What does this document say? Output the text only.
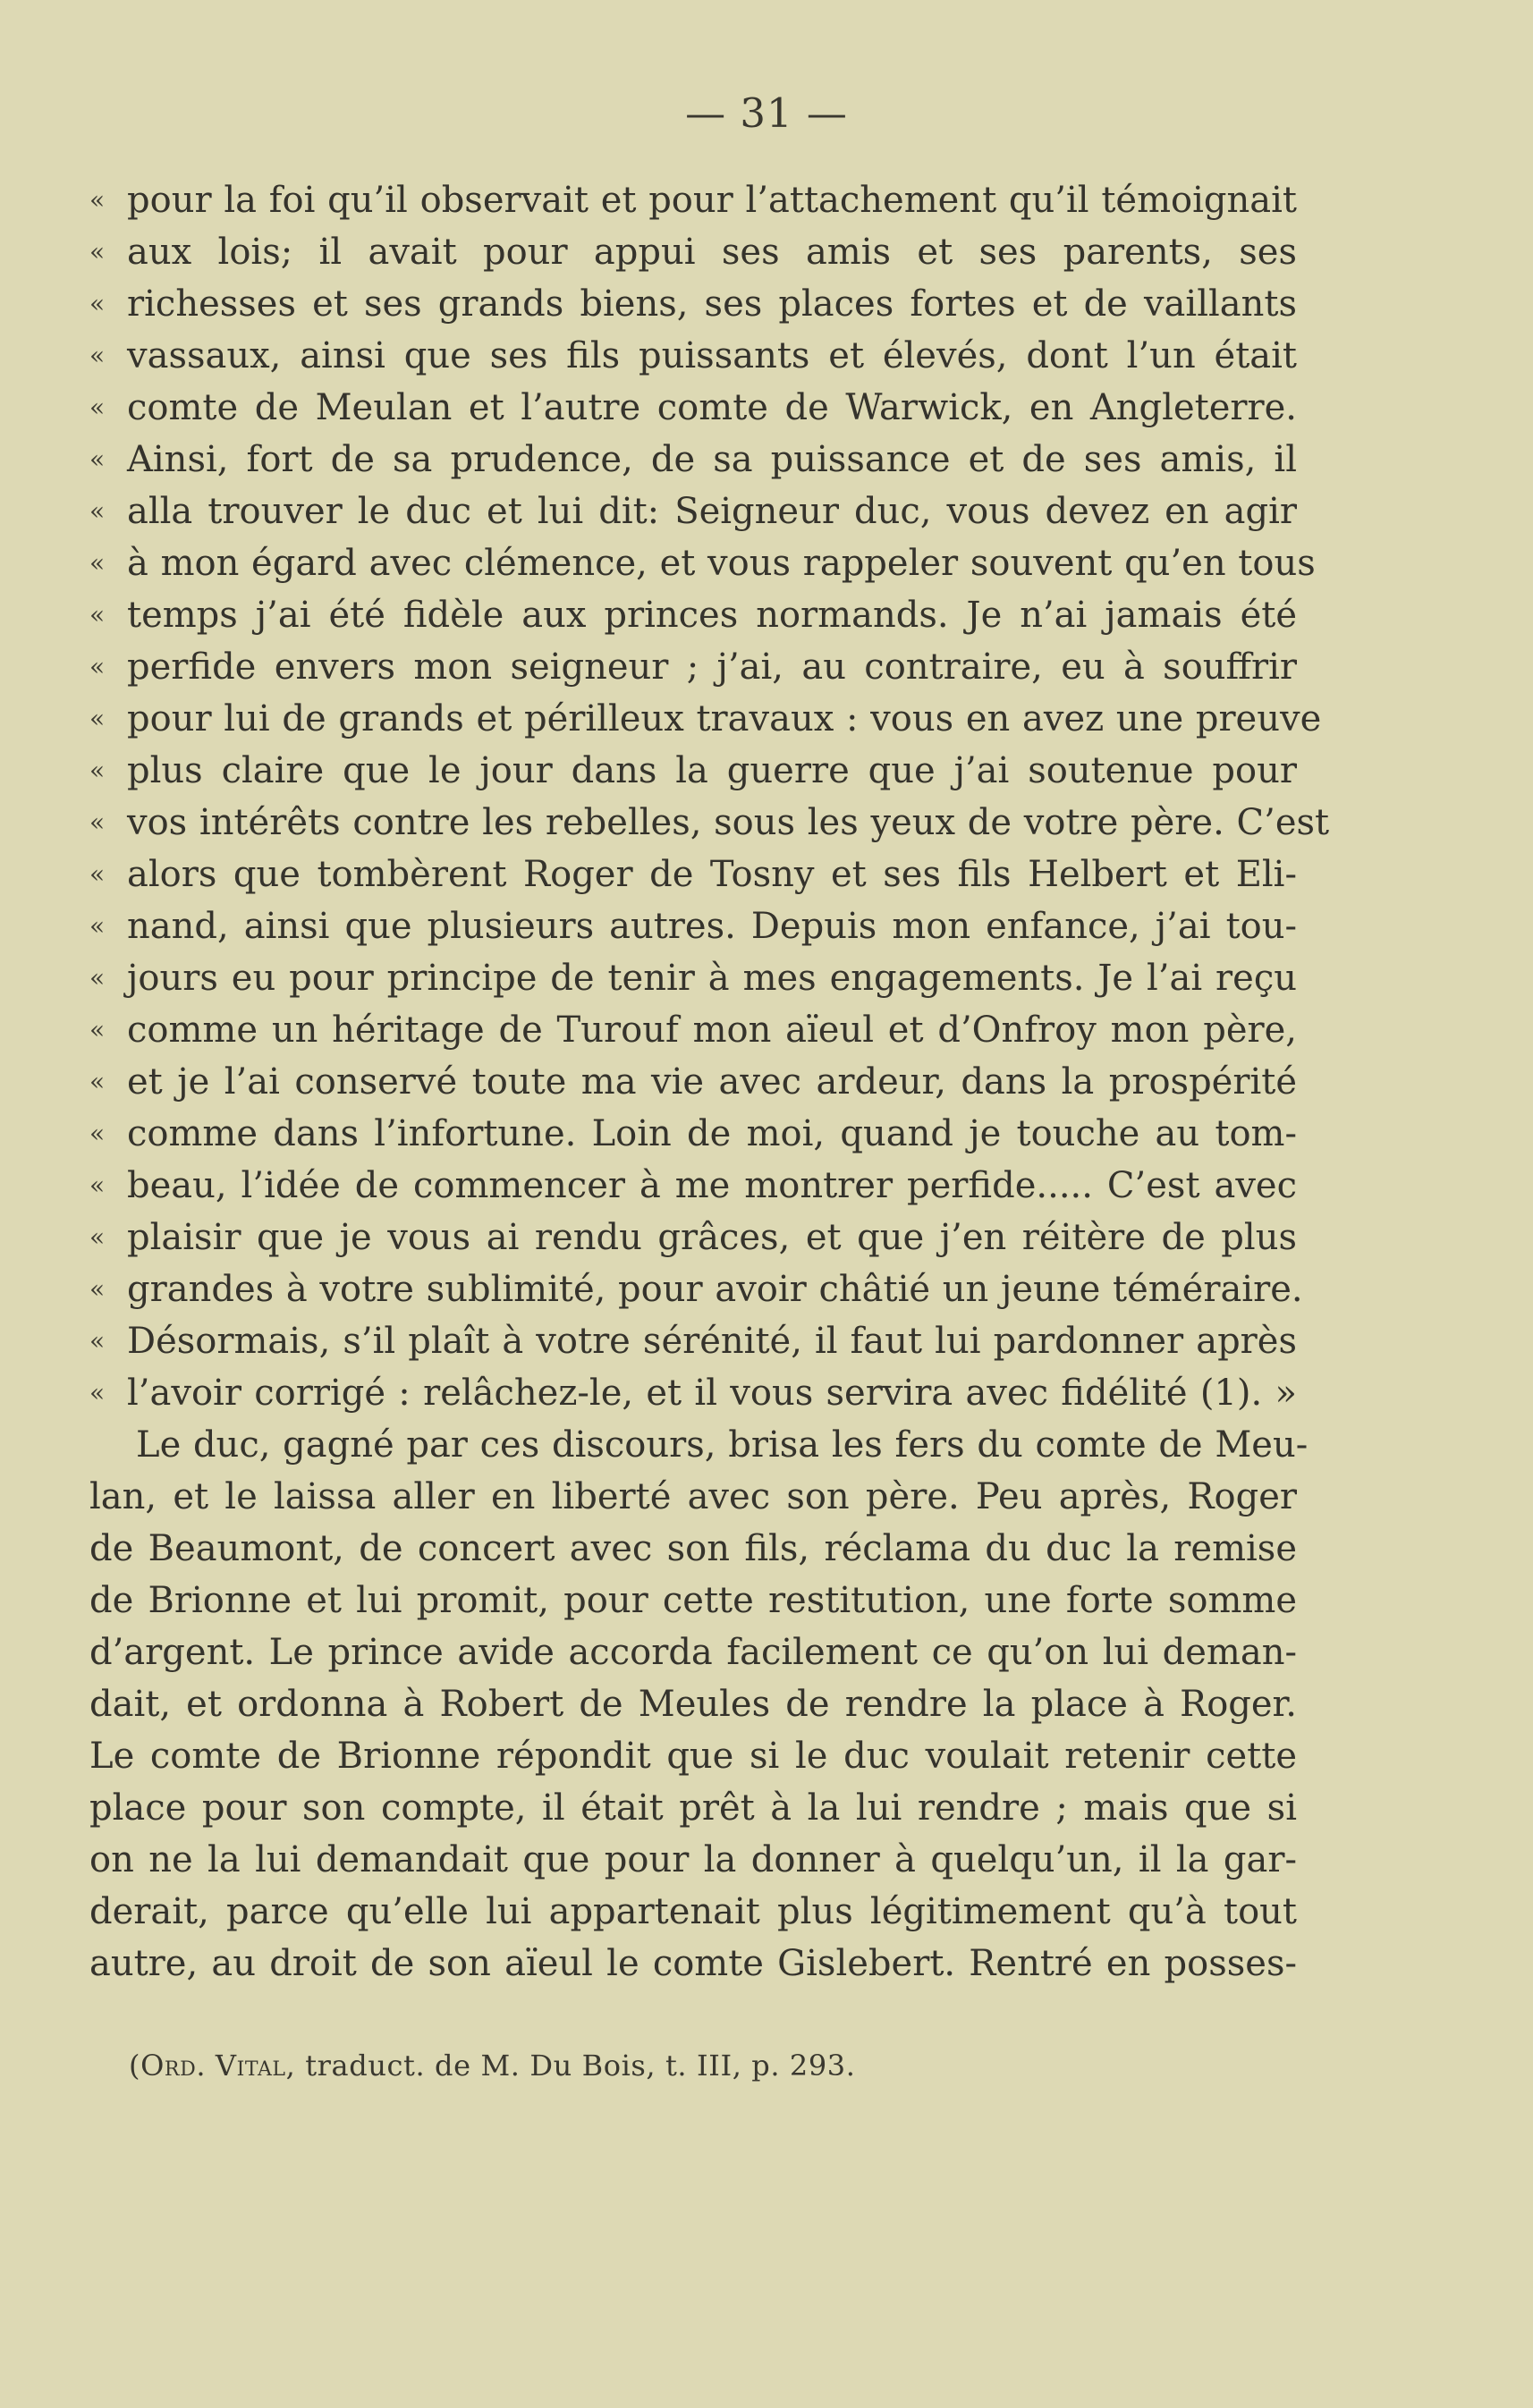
— 31 —
« pour la foi qu’il observait et pour l’attachement qu’il témoignait
« aux lois; il avait pour appui ses amis et ses parents, ses
« richesses et ses grands biens, ses places fortes et de vaillants
« vassaux, ainsi que ses fils puissants et élevés, dont l’un était
« comte de Meulan et l’autre comte de Warwick, en Angleterre.
« Ainsi, fort de sa prudence, de sa puissance et de ses amis, il
« alla trouver le duc et lui dit: Seigneur duc, vous devez en agir
« à mon égard avec clémence, et vous rappeler souvent qu’en tous
« temps j’ai été fidèle aux princes normands. Je n’ai jamais été
« perfide envers mon seigneur ; j’ai, au contraire, eu à souffrir
« pour lui de grands et périlleux travaux : vous en avez une preuve
« plus claire que le jour dans la guerre que j’ai soutenue pour
« vos intérêts contre les rebelles, sous les yeux de votre père. C’est
« alors que tombèrent Roger de Tosny et ses fils Helbert et Eli-
« nand, ainsi que plusieurs autres. Depuis mon enfance, j’ai tou-
« jours eu pour principe de tenir à mes engagements. Je l’ai reçu
« comme un héritage de Turouf mon aïeul et d’Onfroy mon père,
« et je l’ai conservé toute ma vie avec ardeur, dans la prospérité
« comme dans l’infortune. Loin de moi, quand je touche au tom-
« beau, l’idée de commencer à me montrer perfide..... C’est avec
« plaisir que je vous ai rendu grâces, et que j’en réitère de plus
« grandes à votre sublimité, pour avoir châtié un jeune téméraire.
« Désormais, s’il plaît à votre sérénité, il faut lui pardonner après
« l’avoir corrigé : relâchez-le, et il vous servira avec fidélité (1). »
Le duc, gagné par ces discours, brisa les fers du comte de Meu-
lan, et le laissa aller en liberté avec son père. Peu après, Roger
de Beaumont, de concert avec son fils, réclama du duc la remise
de Brionne et lui promit, pour cette restitution, une forte somme
d’argent. Le prince avide accorda facilement ce qu’on lui deman-
dait, et ordonna à Robert de Meules de rendre la place à Roger.
Le comte de Brionne répondit que si le duc voulait retenir cette
place pour son compte, il était prêt à la lui rendre ; mais que si
on ne la lui demandait que pour la donner à quelqu’un, il la gar-
derait, parce qu’elle lui appartenait plus légitimement qu’à tout
autre, au droit de son aïeul le comte Gislebert. Rentré en posses-
(Ord. Vital, traduct. de M. Du Bois, t. III, p. 293.
